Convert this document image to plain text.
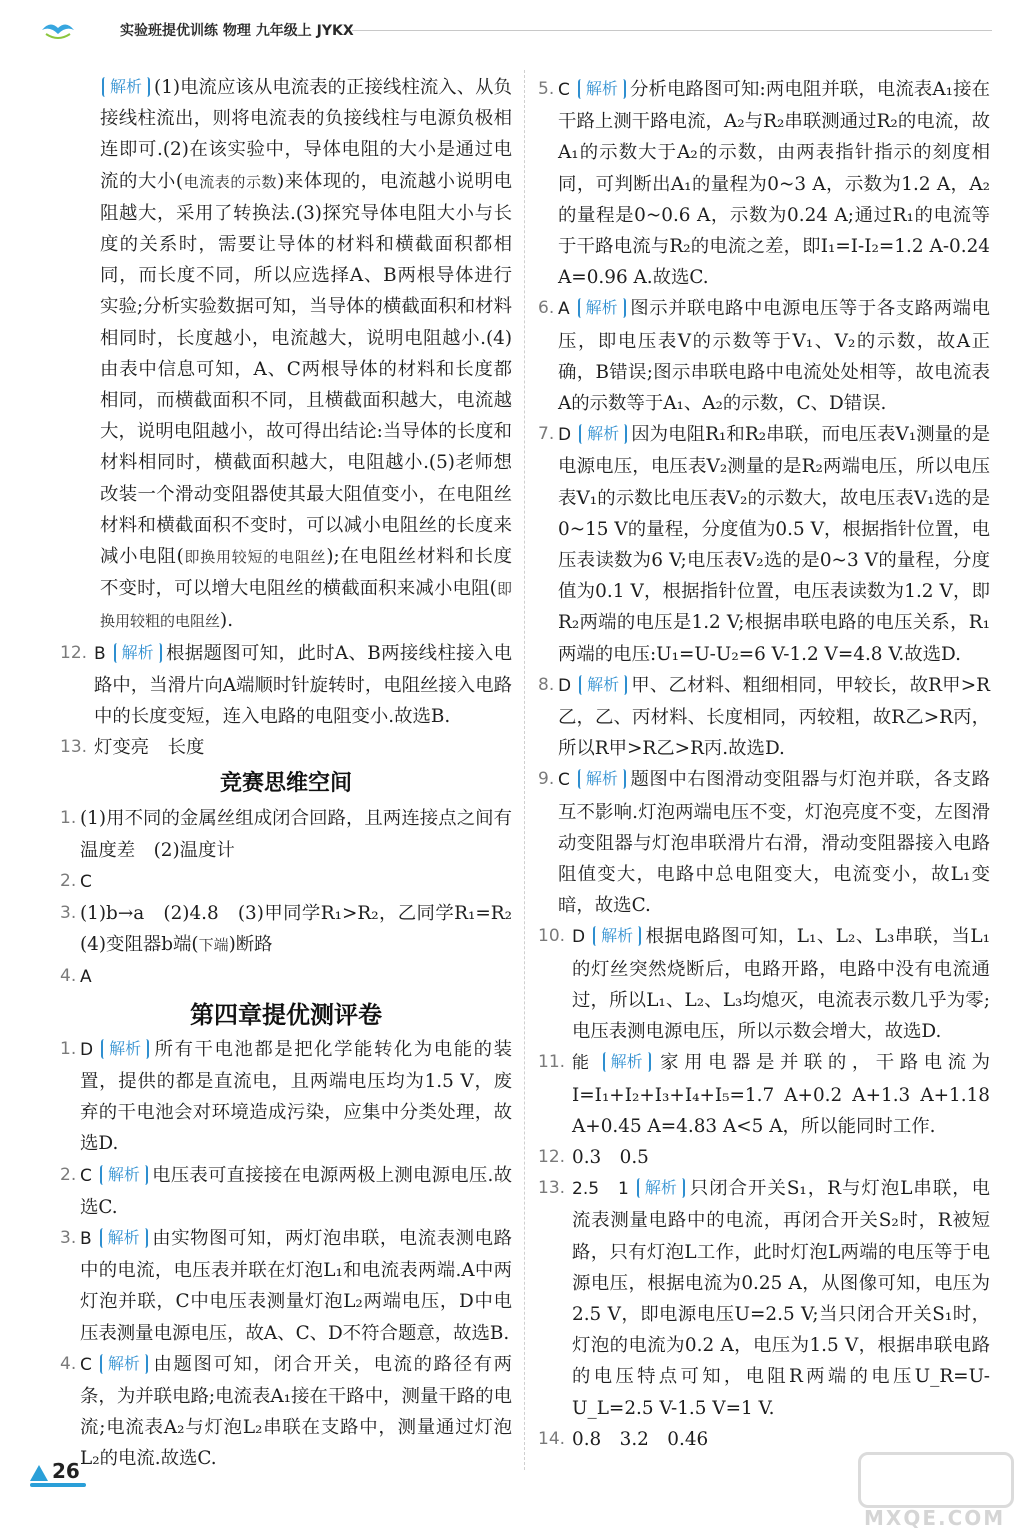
实验班提优训练 物理 九年级上 JYKX

解析 (1)电流应该从电流表的正接线柱流入、从负接线柱流出，则将电流表的负接线柱与电源负极相连即可.(2)在该实验中，导体电阻的大小是通过电流的大小(电流表的示数)来体现的，电流越小说明电阻越大，采用了转换法.(3)探究导体电阻大小与长度的关系时，需要让导体的材料和横截面积都相同，而长度不同，所以应选择A、B两根导体进行实验;分析实验数据可知，当导体的横截面积和材料相同时，长度越小，电流越大，说明电阻越小.(4)由表中信息可知，A、C两根导体的材料和长度都相同，而横截面积不同，且横截面积越大，电流越大，说明电阻越小，故可得出结论:当导体的长度和材料相同时，横截面积越大，电阻越小.(5)老师想改装一个滑动变阻器使其最大阻值变小，在电阻丝材料和横截面积不变时，可以减小电阻丝的长度来减小电阻(即换用较短的电阻丝);在电阻丝材料和长度不变时，可以增大电阻丝的横截面积来减小电阻(即换用较粗的电阻丝).

12. B 解析 根据题图可知，此时A、B两接线柱接入电路中，当滑片向A端顺时针旋转时，电阻丝接入电路中的长度变短，连入电路的电阻变小.故选B.

13. 灯变亮　长度

竞赛思维空间

1. (1)用不同的金属丝组成闭合回路，且两连接点之间有温度差　(2)温度计

2. C

3. (1)b→a　(2)4.8　(3)甲同学R₁>R₂，乙同学R₁=R₂　(4)变阻器b端(下端)断路

4. A

第四章提优测评卷

1. D 解析 所有干电池都是把化学能转化为电能的装置，提供的都是直流电，且两端电压均为1.5 V，废弃的干电池会对环境造成污染，应集中分类处理，故选D.

2. C 解析 电压表可直接接在电源两极上测电源电压.故选C.

3. B 解析 由实物图可知，两灯泡串联，电流表测电路中的电流，电压表并联在灯泡L₁和电流表两端.A中两灯泡并联，C中电压表测量灯泡L₂两端电压，D中电压表测量电源电压，故A、C、D不符合题意，故选B.

4. C 解析 由题图可知，闭合开关，电流的路径有两条，为并联电路;电流表A₁接在干路中，测量干路的电流;电流表A₂与灯泡L₂串联在支路中，测量通过灯泡L₂的电流.故选C.

5. C 解析 分析电路图可知:两电阻并联，电流表A₁接在干路上测干路电流，A₂与R₂串联测通过R₂的电流，故A₁的示数大于A₂的示数，由两表指针指示的刻度相同，可判断出A₁的量程为0~3 A，示数为1.2 A，A₂的量程是0~0.6 A，示数为0.24 A;通过R₁的电流等于干路电流与R₂的电流之差，即I₁=I-I₂=1.2 A-0.24 A=0.96 A.故选C.

6. A 解析 图示并联电路中电源电压等于各支路两端电压，即电压表V的示数等于V₁、V₂的示数，故A正确，B错误;图示串联电路中电流处处相等，故电流表A的示数等于A₁、A₂的示数，C、D错误.

7. D 解析 因为电阻R₁和R₂串联，而电压表V₁测量的是电源电压，电压表V₂测量的是R₂两端电压，所以电压表V₁的示数比电压表V₂的示数大，故电压表V₁选的是0~15 V的量程，分度值为0.5 V，根据指针位置，电压表读数为6 V;电压表V₂选的是0~3 V的量程，分度值为0.1 V，根据指针位置，电压表读数为1.2 V，即R₂两端的电压是1.2 V;根据串联电路的电压关系，R₁两端的电压:U₁=U-U₂=6 V-1.2 V=4.8 V.故选D.

8. D 解析 甲、乙材料、粗细相同，甲较长，故R甲>R乙，乙、丙材料、长度相同，丙较粗，故R乙>R丙，所以R甲>R乙>R丙.故选D.

9. C 解析 题图中右图滑动变阻器与灯泡并联，各支路互不影响.灯泡两端电压不变，灯泡亮度不变，左图滑动变阻器与灯泡串联滑片右滑，滑动变阻器接入电路阻值变大，电路中总电阻变大，电流变小，故L₁变暗，故选C.

10. D 解析 根据电路图可知，L₁、L₂、L₃串联，当L₁的灯丝突然烧断后，电路开路，电路中没有电流通过，所以L₁、L₂、L₃均熄灭，电流表示数几乎为零;电压表测电源电压，所以示数会增大，故选D.

11. 能 解析 家用电器是并联的，干路电流为I=I₁+I₂+I₃+I₄+I₅=1.7 A+0.2 A+1.3 A+1.18 A+0.45 A=4.83 A<5 A，所以能同时工作.

12. 0.3　0.5

13. 2.5　1 解析 只闭合开关S₁，R与灯泡L串联，电流表测量电路中的电流，再闭合开关S₂时，R被短路，只有灯泡L工作，此时灯泡L两端的电压等于电源电压，根据电流为0.25 A，从图像可知，电压为2.5 V，即电源电压U=2.5 V;当只闭合开关S₁时，灯泡的电流为0.2 A，电压为1.5 V，根据串联电路的电压特点可知，电阻R两端的电压U_R=U-U_L=2.5 V-1.5 V=1 V.

14. 0.8　3.2　0.46

26
MXQE.COM
